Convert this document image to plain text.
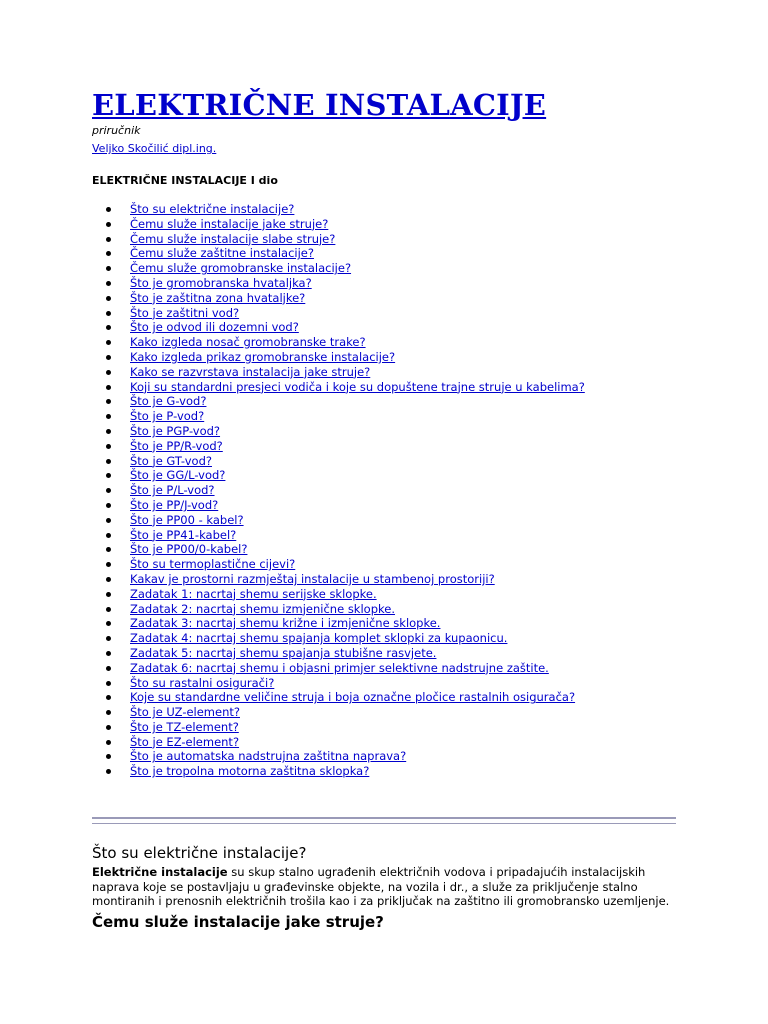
ELEKTRIČNE INSTALACIJE
priručnik
Veljko Skočilić dipl.ing.
ELEKTRIČNE INSTALACIJE I dio
Što su električne instalacije?
Čemu služe instalacije jake struje?
Čemu služe instalacije slabe struje?
Čemu služe zaštitne instalacije?
Čemu služe gromobranske instalacije?
Što je gromobranska hvataljka?
Što je zaštitna zona hvataljke?
Što je zaštitni vod?
Što je odvod ili dozemni vod?
Kako izgleda nosač gromobranske trake?
Kako izgleda prikaz gromobranske instalacije?
Kako se razvrstava instalacija jake struje?
Koji su standardni presjeci vodiča i koje su dopuštene trajne struje u kabelima?
Što je G-vod?
Što je P-vod?
Što je PGP-vod?
Što je PP/R-vod?
Što je GT-vod?
Što je GG/L-vod?
Što je P/L-vod?
Što je PP/J-vod?
Što je PP00 - kabel?
Što je PP41-kabel?
Što je PP00/0-kabel?
Što su termoplastične cijevi?
Kakav je prostorni razmještaj instalacije u stambenoj prostoriji?
Zadatak 1: nacrtaj shemu serijske sklopke.
Zadatak 2: nacrtaj shemu izmjenične sklopke.
Zadatak 3: nacrtaj shemu križne i izmjenične sklopke.
Zadatak 4: nacrtaj shemu spajanja komplet sklopki za kupaonicu.
Zadatak 5: nacrtaj shemu spajanja stubišne rasvjete.
Zadatak 6: nacrtaj shemu i objasni primjer selektivne nadstrujne zaštite.
Što su rastalni osigurači?
Koje su standardne veličine struja i boja označne pločice rastalnih osigurača?
Što je UZ-element?
Što je TZ-element?
Što je EZ-element?
Što je automatska nadstrujna zaštitna naprava?
Što je tropolna motorna zaštitna sklopka?
Što su električne instalacije?
Električne instalacije su skup stalno ugrađenih električnih vodova i pripadajućih instalacijskih naprava koje se postavljaju u građevinske objekte, na vozila i dr., a služe za priključenje stalno montiranih i prenosnih električnih trošila kao i za priključak na zaštitno ili gromobransko uzemljenje.
Čemu služe instalacije jake struje?
